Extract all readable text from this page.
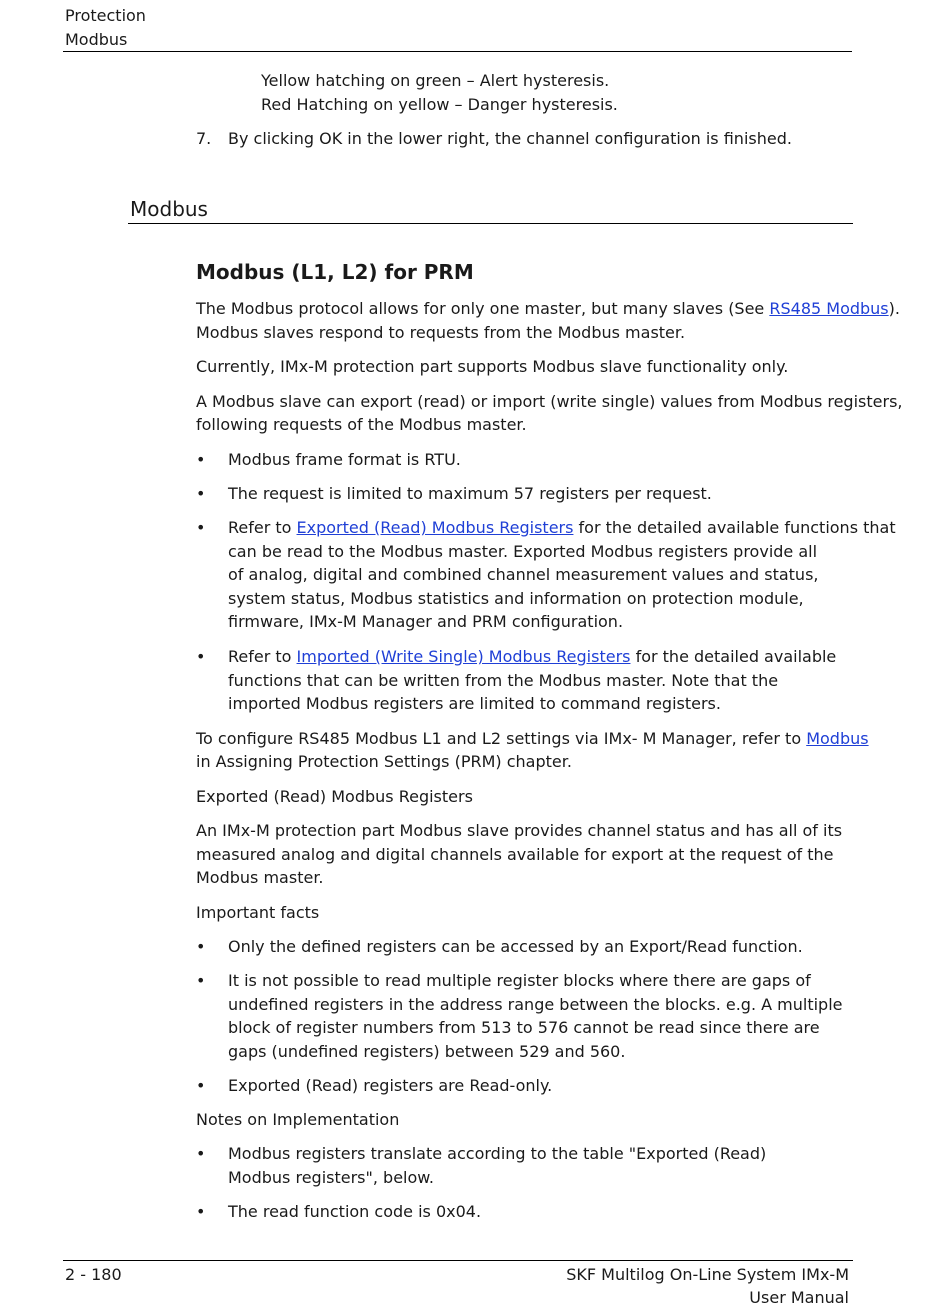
Protection
Modbus
Yellow hatching on green – Alert hysteresis.
Red Hatching on yellow – Danger hysteresis.
7. By clicking OK in the lower right, the channel configuration is finished.
Modbus
Modbus (L1, L2) for PRM
The Modbus protocol allows for only one master, but many slaves (See RS485 Modbus).
Modbus slaves respond to requests from the Modbus master.
Currently, IMx-M protection part supports Modbus slave functionality only.
A Modbus slave can export (read) or import (write single) values from Modbus registers,
following requests of the Modbus master.
• Modbus frame format is RTU.
• The request is limited to maximum 57 registers per request.
• Refer to Exported (Read) Modbus Registers for the detailed available functions that
can be read to the Modbus master. Exported Modbus registers provide all of analog, digital and combined channel measurement values and status, system status, Modbus statistics and information on protection module, firmware, IMx-M Manager and PRM configuration.
• Refer to Imported (Write Single) Modbus Registers for the detailed available
functions that can be written from the Modbus master. Note that the imported Modbus registers are limited to command registers.
To configure RS485 Modbus L1 and L2 settings via IMx- M Manager, refer to Modbus
in Assigning Protection Settings (PRM) chapter.
Exported (Read) Modbus Registers
An IMx-M protection part Modbus slave provides channel status and has all of its measured analog and digital channels available for export at the request of the Modbus master.
Important facts
• Only the defined registers can be accessed by an Export/Read function.
• It is not possible to read multiple register blocks where there are gaps of undefined registers in the address range between the blocks. e.g. A multiple block of register numbers from 513 to 576 cannot be read since there are gaps (undefined registers) between 529 and 560.
• Exported (Read) registers are Read-only.
Notes on Implementation
• Modbus registers translate according to the table "Exported (Read) Modbus registers", below.
• The read function code is 0x04.
2 - 180	SKF Multilog On-Line System IMx-M
User Manual
